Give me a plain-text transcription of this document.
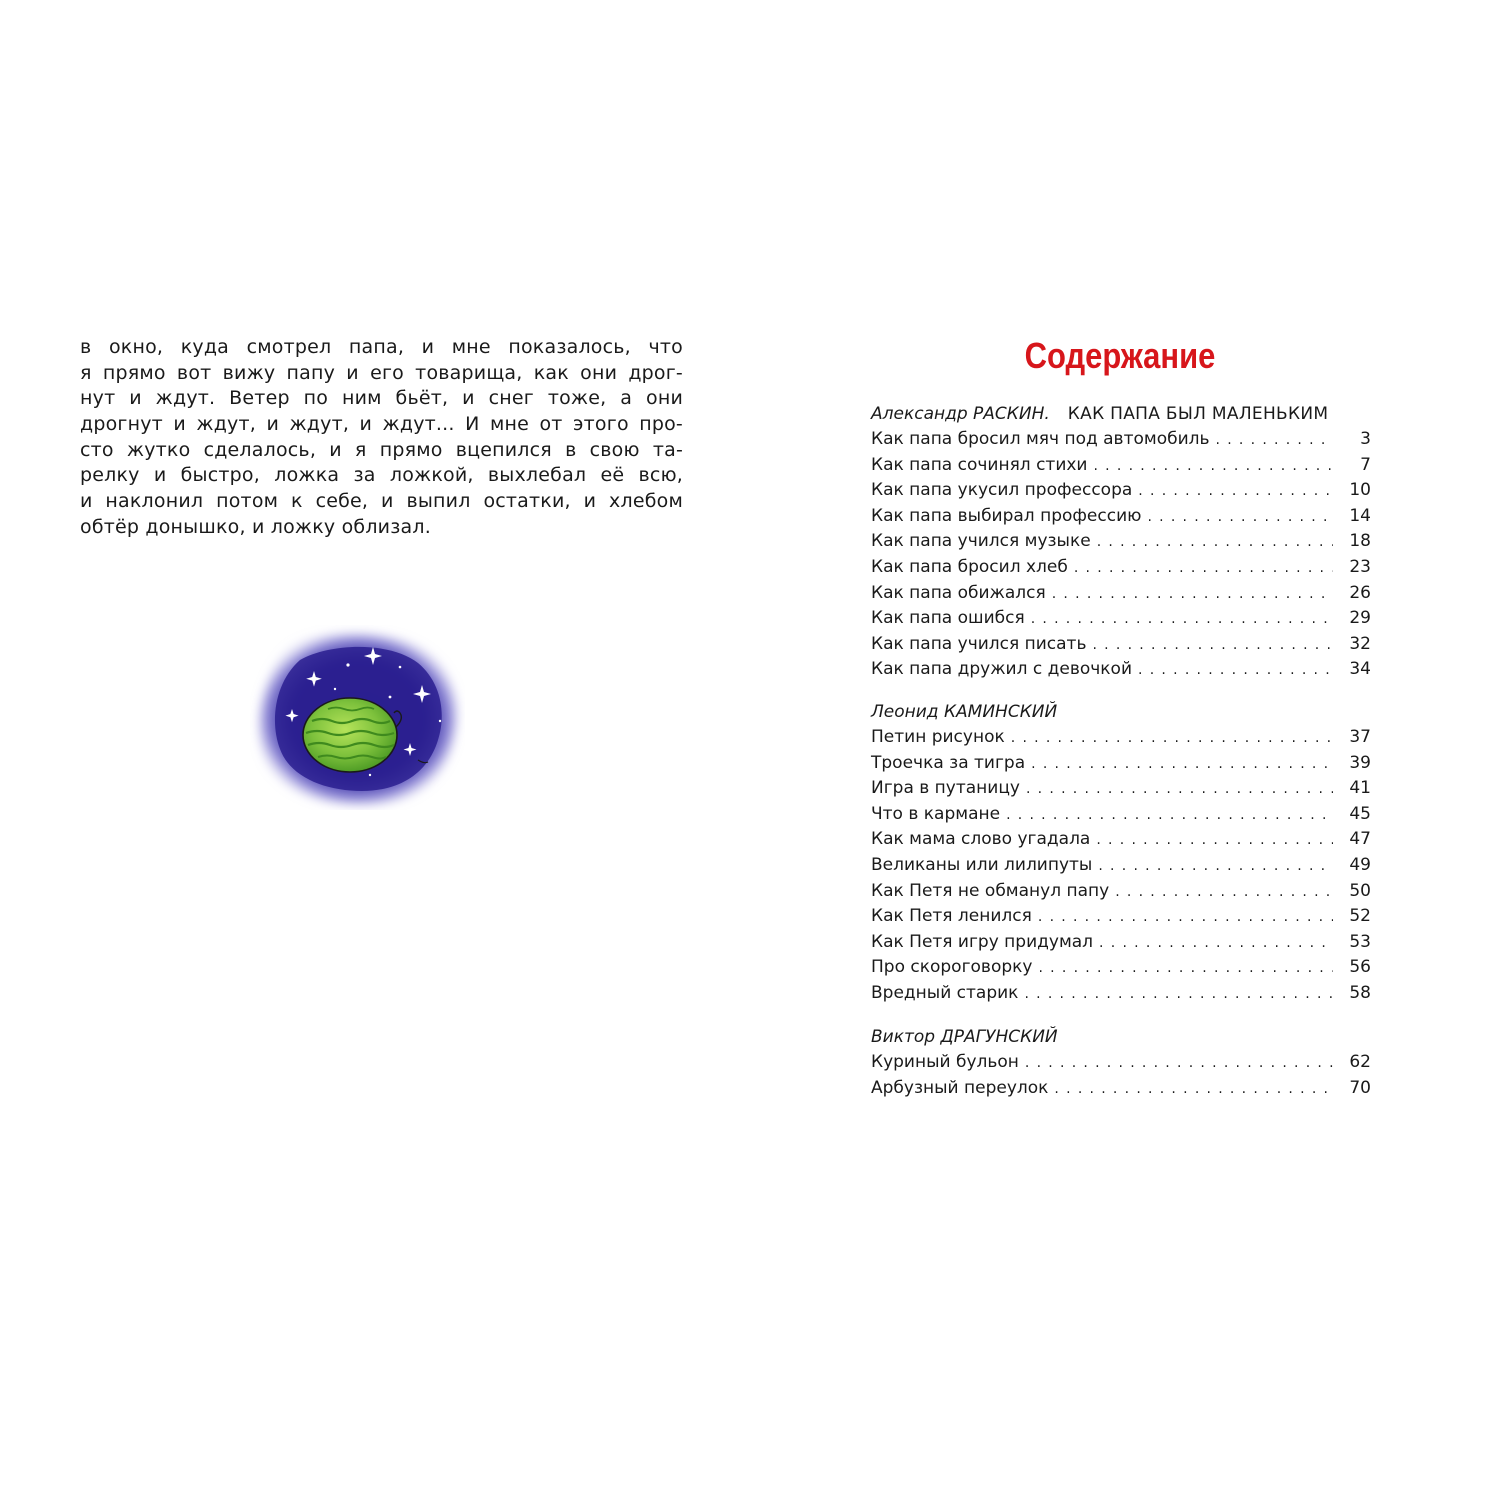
в окно, куда смотрел папа, и мне показалось, что
я прямо вот вижу папу и его товарища, как они дрог-
нут и ждут. Ветер по ним бьёт, и снег тоже, а они
дрогнут и ждут, и ждут, и ждут... И мне от этого про-
сто жутко сделалось, и я прямо вцепился в свою та-
релку и быстро, ложка за ложкой, выхлебал её всю,
и наклонил потом к себе, и выпил остатки, и хлебом
обтёр донышко, и ложку облизал.

Содержание
Александр РАСКИН. КАК ПАПА БЫЛ МАЛЕНЬКИМ
Как папа бросил мяч под автомобиль . . .	3
Как папа сочинял стихи . . .	7
Как папа укусил профессора . . .	10
Как папа выбирал профессию . . .	14
Как папа учился музыке . . .	18
Как папа бросил хлеб . . .	23
Как папа обижался . . .	26
Как папа ошибся . . .	29
Как папа учился писать . . .	32
Как папа дружил с девочкой . . .	34
Леонид КАМИНСКИЙ
Петин рисунок . . .	37
Троечка за тигра . . .	39
Игра в путаницу . . .	41
Что в кармане . . .	45
Как мама слово угадала . . .	47
Великаны или лилипуты . . .	49
Как Петя не обманул папу . . .	50
Как Петя ленился . . .	52
Как Петя игру придумал . . .	53
Про скороговорку . . .	56
Вредный старик . . .	58
Виктор ДРАГУНСКИЙ
Куриный бульон . . .	62
Арбузный переулок . . .	70
